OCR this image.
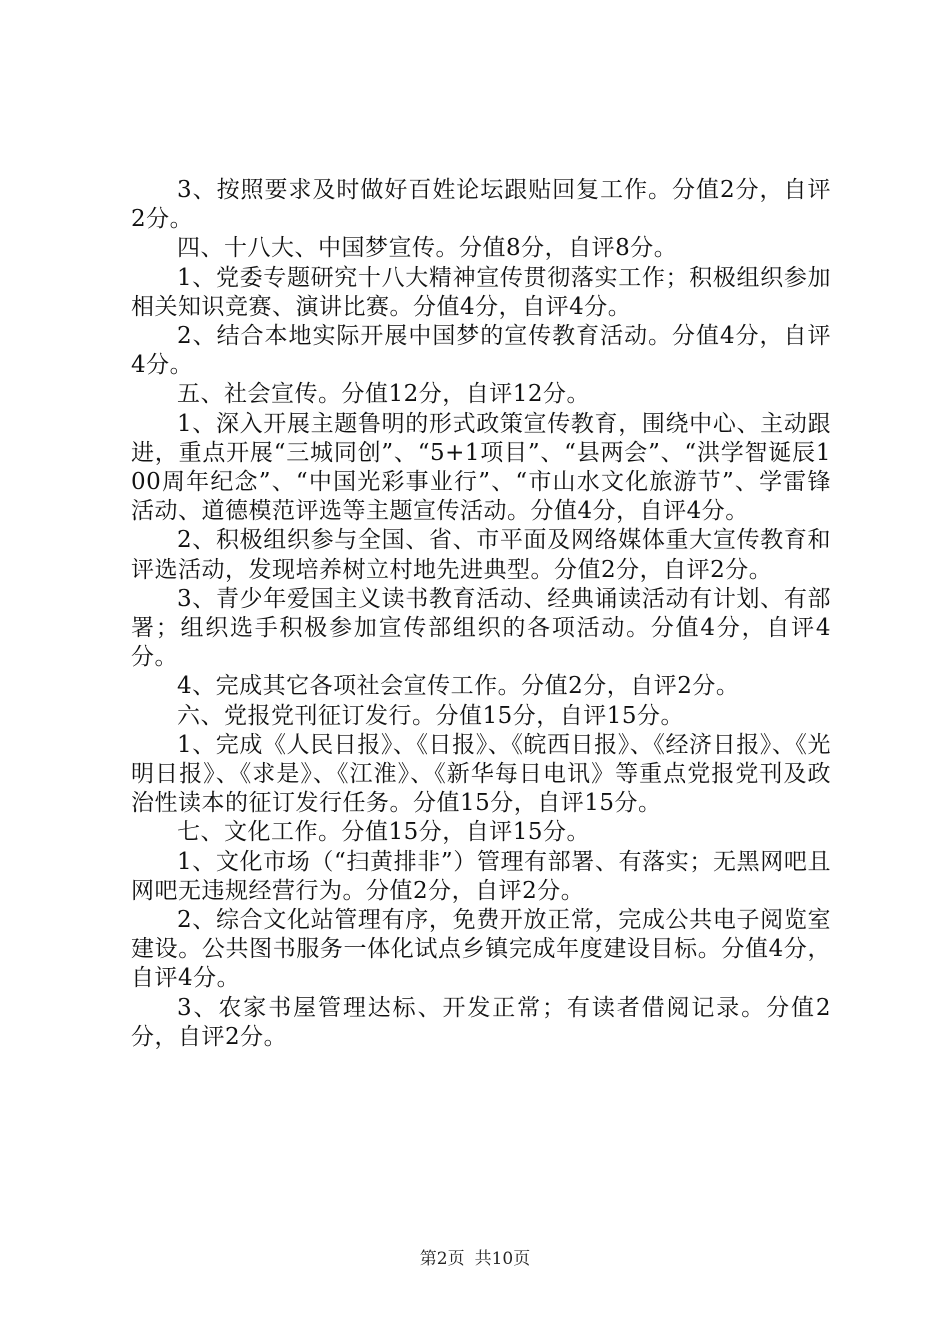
3、按照要求及时做好百姓论坛跟贴回复工作。分值2分，自评2分。

四、十八大、中国梦宣传。分值8分，自评8分。

1、党委专题研究十八大精神宣传贯彻落实工作；积极组织参加相关知识竞赛、演讲比赛。分值4分，自评4分。

2、结合本地实际开展中国梦的宣传教育活动。分值4分，自评4分。

五、社会宣传。分值12分，自评12分。

1、深入开展主题鲁明的形式政策宣传教育，围绕中心、主动跟进，重点开展“三城同创”、“5+1项目”、“县两会”、“洪学智诞辰100周年纪念”、“中国光彩事业行”、“市山水文化旅游节”、学雷锋活动、道德模范评选等主题宣传活动。分值4分，自评4分。

2、积极组织参与全国、省、市平面及网络媒体重大宣传教育和评选活动，发现培养树立村地先进典型。分值2分，自评2分。

3、青少年爱国主义读书教育活动、经典诵读活动有计划、有部署；组织选手积极参加宣传部组织的各项活动。分值4分，自评4分。

4、完成其它各项社会宣传工作。分值2分，自评2分。

六、党报党刊征订发行。分值15分，自评15分。

1、完成《人民日报》、《日报》、《皖西日报》、《经济日报》、《光明日报》、《求是》、《江淮》、《新华每日电讯》等重点党报党刊及政治性读本的征订发行任务。分值15分，自评15分。

七、文化工作。分值15分，自评15分。

1、文化市场（“扫黄排非”）管理有部署、有落实；无黑网吧且网吧无违规经营行为。分值2分，自评2分。

2、综合文化站管理有序，免费开放正常，完成公共电子阅览室建设。公共图书服务一体化试点乡镇完成年度建设目标。分值4分，自评4分。

3、农家书屋管理达标、开发正常；有读者借阅记录。分值2分，自评2分。

第2页 共10页
